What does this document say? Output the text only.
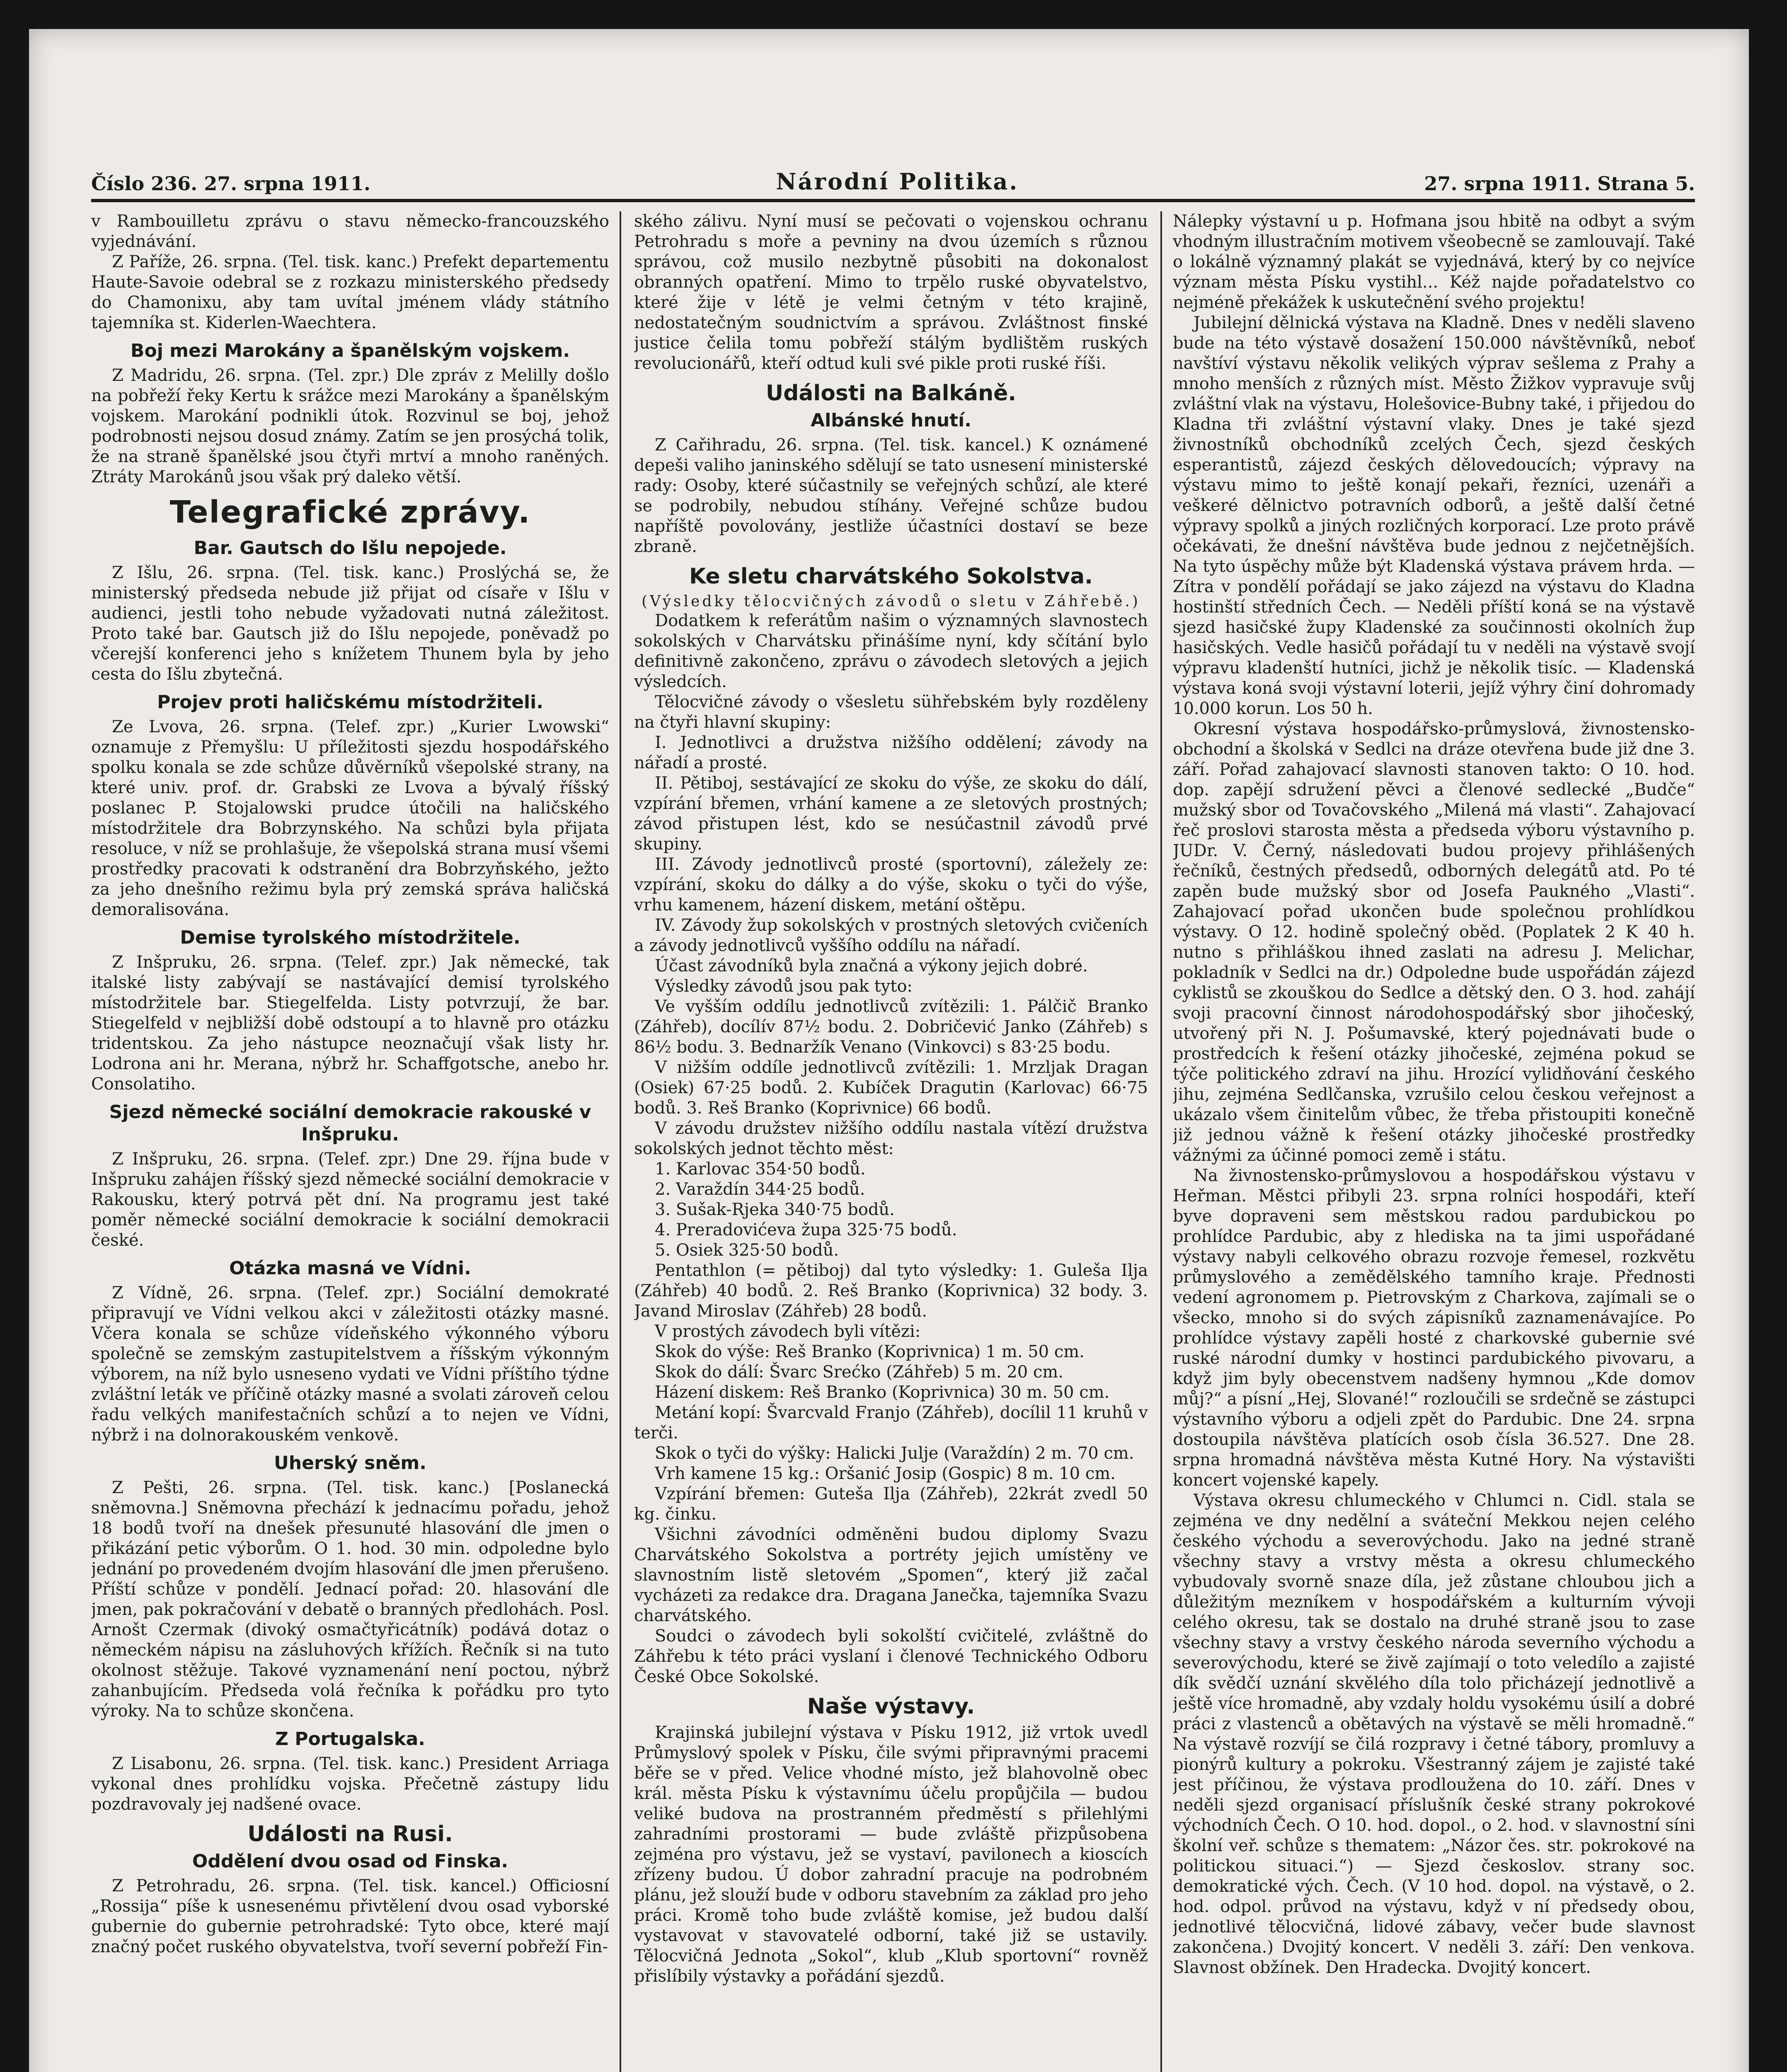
Číslo 236. 27. srpna 1911.	Národní Politika.	27. srpna 1911. Strana 5.

v Rambouilletu zprávu o stavu německo-francouzského vyjednávání.

Z Paříže, 26. srpna. (Tel. tisk. kanc.) Prefekt departementu Haute-Savoie odebral se z rozkazu ministerského předsedy do Chamonixu, aby tam uvítal jménem vlády státního tajemníka st. Kiderlen-Waechtera.

Boj mezi Marokány a španělským vojskem.

Z Madridu, 26. srpna. (Tel. zpr.) Dle zpráv z Melilly došlo na pobřeží řeky Kertu k srážce mezi Marokány a španělským vojskem. Marokání podnikli útok. Rozvinul se boj, jehož podrobnosti nejsou dosud známy. Zatím se jen prosýchá tolik, že na straně španělské jsou čtyři mrtví a mnoho raněných. Ztráty Marokánů jsou však prý daleko větší.

Telegrafické zprávy.
Bar. Gautsch do Išlu nepojede.

Z Išlu, 26. srpna. (Tel. tisk. kanc.) Proslýchá se, že ministerský předseda nebude již přijat od císaře v Išlu v audienci, jestli toho nebude vyžadovati nutná záležitost. Proto také bar. Gautsch již do Išlu nepojede, poněvadž po včerejší konferenci jeho s knížetem Thunem byla by jeho cesta do Išlu zbytečná.

Projev proti haličskému místodržiteli.

Ze Lvova, 26. srpna. (Telef. zpr.) „Kurier Lwowski“ oznamuje z Přemyšlu: U příležitosti sjezdu hospodářského spolku konala se zde schůze důvěrníků všepolské strany, na které univ. prof. dr. Grabski ze Lvova a bývalý říšský poslanec P. Stojalowski prudce útočili na haličského místodržitele dra Bobrzynského. Na schůzi byla přijata resoluce, v níž se prohlašuje, že všepolská strana musí všemi prostředky pracovati k odstranění dra Bobrzyňského, ježto za jeho dnešního režimu byla prý zemská správa haličská demoralisována.

Demise tyrolského místodržitele.

Z Inšpruku, 26. srpna. (Telef. zpr.) Jak německé, tak italské listy zabývají se nastávající demisí tyrolského místodržitele bar. Stiegelfelda. Listy potvrzují, že bar. Stiegelfeld v nejbližší době odstoupí a to hlavně pro otázku tridentskou. Za jeho nástupce neoznačují však listy hr. Lodrona ani hr. Merana, nýbrž hr. Schaffgotsche, anebo hr. Consolatiho.

Sjezd německé sociální demokracie rakouské v Inšpruku.

Z Inšpruku, 26. srpna. (Telef. zpr.) Dne 29. října bude v Inšpruku zahájen říšský sjezd německé sociální demokracie v Rakousku, který potrvá pět dní. Na programu jest také poměr německé sociální demokracie k sociální demokracii české.

Otázka masná ve Vídni.

Z Vídně, 26. srpna. (Telef. zpr.) Sociální demokraté připravují ve Vídni velkou akci v záležitosti otázky masné. Včera konala se schůze vídeňského výkonného výboru společně se zemským zastupitelstvem a říšským výkonným výborem, na níž bylo usneseno vydati ve Vídni příštího týdne zvláštní leták ve příčině otázky masné a svolati zároveň celou řadu velkých manifestačních schůzí a to nejen ve Vídni, nýbrž i na dolnorakouském venkově.

Uherský sněm.

Z Pešti, 26. srpna. (Tel. tisk. kanc.) [Poslanecká sněmovna.] Sněmovna přechází k jednacímu pořadu, jehož 18 bodů tvoří na dnešek přesunuté hlasování dle jmen o přikázání petic výborům. O 1. hod. 30 min. odpoledne bylo jednání po provedeném dvojím hlasování dle jmen přerušeno. Příští schůze v pondělí. Jednací pořad: 20. hlasování dle jmen, pak pokračování v debatě o branných předlohách. Posl. Arnošt Czermak (divoký osmačtyřicátník) podává dotaz o německém nápisu na zásluhových křížích. Řečník si na tuto okolnost stěžuje. Takové vyznamenání není poctou, nýbrž zahanbujícím. Předseda volá řečníka k pořádku pro tyto výroky. Na to schůze skončena.

Z Portugalska.

Z Lisabonu, 26. srpna. (Tel. tisk. kanc.) President Arriaga vykonal dnes prohlídku vojska. Přečetně zástupy lidu pozdravovaly jej nadšené ovace.

Události na Rusi.
Oddělení dvou osad od Finska.

Z Petrohradu, 26. srpna. (Tel. tisk. kancel.) Officiosní „Rossija“ píše k usnesenému přivtělení dvou osad vyborské gubernie do gubernie petrohradské: Tyto obce, které mají značný počet ruského obyvatelstva, tvoří severní pobřeží Fin-

ského zálivu. Nyní musí se pečovati o vojenskou ochranu Petrohradu s moře a pevniny na dvou územích s různou správou, což musilo nezbytně působiti na dokonalost obranných opatření. Mimo to trpělo ruské obyvatelstvo, které žije v létě je velmi četným v této krajině, nedostatečným soudnictvím a správou. Zvláštnost finské justice čelila tomu pobřeží stálým bydlištěm ruských revolucionářů, kteří odtud kuli své pikle proti ruské říši.

Události na Balkáně.
Albánské hnutí.

Z Cařihradu, 26. srpna. (Tel. tisk. kancel.) K oznámené depeši valiho janinského sdělují se tato usnesení ministerské rady: Osoby, které súčastnily se veřejných schůzí, ale které se podrobily, nebudou stíhány. Veřejné schůze budou napříště povolovány, jestliže účastníci dostaví se beze zbraně.

Ke sletu charvátského Sokolstva.
(Výsledky tělocvičných závodů o sletu v Záhřebě.)

Dodatkem k referátům našim o významných slavnostech sokolských v Charvátsku přinášíme nyní, kdy sčítání bylo definitivně zakončeno, zprávu o závodech sletových a jejich výsledcích.

Tělocvičné závody o všesletu sühřebském byly rozděleny na čtyři hlavní skupiny:

I. Jednotlivci a družstva nižšího oddělení; závody na nářadí a prosté.

II. Pětiboj, sestávající ze skoku do výše, ze skoku do dálí, vzpírání břemen, vrhání kamene a ze sletových prostných; závod přistupen lést, kdo se nesúčastnil závodů prvé skupiny.

III. Závody jednotlivců prosté (sportovní), záležely ze: vzpírání, skoku do dálky a do výše, skoku o tyči do výše, vrhu kamenem, házení diskem, metání oštěpu.

IV. Závody žup sokolských v prostných sletových cvičeních a závody jednotlivců vyššího oddílu na nářadí.

Účast závodníků byla značná a výkony jejich dobré.

Výsledky závodů jsou pak tyto:

Ve vyšším oddílu jednotlivců zvítězili: 1. Pálčič Branko (Záhřeb), docílív 87½ bodu. 2. Dobričević Janko (Záhřeb) s 86½ bodu. 3. Bednaržík Venano (Vinkovci) s 83·25 bodu.

V nižším oddíle jednotlivců zvítězili: 1. Mrzljak Dragan (Osiek) 67·25 bodů. 2. Kubíček Dragutin (Karlovac) 66·75 bodů. 3. Reš Branko (Koprivnice) 66 bodů.

V závodu družstev nižšího oddílu nastala vítězí družstva sokolských jednot těchto měst:

1. Karlovac 354·50 bodů.

2. Varaždín 344·25 bodů.

3. Sušak-Rjeka 340·75 bodů.

4. Preradovićeva župa 325·75 bodů.

5. Osiek 325·50 bodů.

Pentathlon (= pětiboj) dal tyto výsledky: 1. Guleša Ilja (Záhřeb) 40 bodů. 2. Reš Branko (Koprivnica) 32 body. 3. Javand Miroslav (Záhřeb) 28 bodů.

V prostých závodech byli vítězi:

Skok do výše: Reš Branko (Koprivnica) 1 m. 50 cm.

Skok do dálí: Švarc Srećko (Záhřeb) 5 m. 20 cm.

Házení diskem: Reš Branko (Koprivnica) 30 m. 50 cm.

Metání kopí: Švarcvald Franjo (Záhřeb), docílil 11 kruhů v terči.

Skok o tyči do výšky: Halicki Julje (Varaždín) 2 m. 70 cm.

Vrh kamene 15 kg.: Oršanić Josip (Gospic) 8 m. 10 cm.

Vzpírání břemen: Guteša Ilja (Záhřeb), 22krát zvedl 50 kg. činku.

Všichni závodníci odměněni budou diplomy Svazu Charvátského Sokolstva a portréty jejich umístěny ve slavnostním listě sletovém „Spomen“, který již začal vycházeti za redakce dra. Dragana Janečka, tajemníka Svazu charvátského.

Soudci o závodech byli sokolští cvičitelé, zvláštně do Záhřebu k této práci vyslaní i členové Technického Odboru České Obce Sokolské.

Naše výstavy.

Krajinská jubilejní výstava v Písku 1912, již vrtok uvedl Průmyslový spolek v Písku, čile svými připravnými pracemi běře se v před. Velice vhodné místo, jež blahovolně obec král. města Písku k výstavnímu účelu propůjčila — budou veliké budova na prostranném předměstí s přilehlými zahradními prostorami — bude zvláště přizpůsobena zejména pro výstavu, jež se vystaví, pavilonech a kioscích zřízeny budou. Ú dobor zahradní pracuje na podrobném plánu, jež slouží bude v odboru stavebním za základ pro jeho práci. Kromě toho bude zvláště komise, jež budou další vystavovat v stavovatelé odborní, také již se ustavily. Tělocvičná Jednota „Sokol“, klub „Klub sportovní“ rovněž přislíbily výstavky a pořádání sjezdů.

Nálepky výstavní u p. Hofmana jsou hbitě na odbyt a svým vhodným illustračním motivem všeobecně se zamlouvají. Také o lokálně významný plakát se vyjednává, který by co nejvíce význam města Písku vystihl... Kéž najde pořadatelstvo co nejméně překážek k uskutečnění svého projektu!

Jubilejní dělnická výstava na Kladně. Dnes v neděli slaveno bude na této výstavě dosažení 150.000 návštěvníků, neboť navštíví výstavu několik velikých výprav sešlema z Prahy a mnoho menších z různých míst. Město Žižkov vypravuje svůj zvláštní vlak na výstavu, Holešovice-Bubny také, i přijedou do Kladna tři zvláštní výstavní vlaky. Dnes je také sjezd živnostníků obchodníků zcelých Čech, sjezd českých esperantistů, zájezd českých dělovedoucích; výpravy na výstavu mimo to ještě konají pekaři, řezníci, uzenáři a veškeré dělnictvo potravních odborů, a ještě další četné výpravy spolků a jiných rozličných korporací. Lze proto právě očekávati, že dnešní návštěva bude jednou z nejčetnějších. Na tyto úspěchy může být Kladenská výstava právem hrda. — Zítra v pondělí pořádají se jako zájezd na výstavu do Kladna hostinští středních Čech. — Neděli příští koná se na výstavě sjezd hasičské župy Kladenské za součinnosti okolních žup hasičských. Vedle hasičů pořádají tu v neděli na výstavě svojí výpravu kladenští hutníci, jichž je několik tisíc. — Kladenská výstava koná svoji výstavní loterii, jejíž výhry činí dohromady 10.000 korun. Los 50 h.

Okresní výstava hospodářsko-průmyslová, živnostensko-obchodní a školská v Sedlci na dráze otevřena bude již dne 3. září. Pořad zahajovací slavnosti stanoven takto: O 10. hod. dop. zapějí sdružení pěvci a členové sedlecké „Budče“ mužský sbor od Tovačovského „Milená má vlasti“. Zahajovací řeč proslovi starosta města a předseda výboru výstavního p. JUDr. V. Černý, následovati budou projevy přihlášených řečníků, čestných předsedů, odborných delegátů atd. Po té zapěn bude mužský sbor od Josefa Paukného „Vlasti“. Zahajovací pořad ukončen bude společnou prohlídkou výstavy. O 12. hodině společný oběd. (Poplatek 2 K 40 h. nutno s přihláškou ihned zaslati na adresu J. Melichar, pokladník v Sedlci na dr.) Odpoledne bude uspořádán zájezd cyklistů se zkouškou do Sedlce a dětský den. O 3. hod. zahájí svoji pracovní činnost národohospodářský sbor jihočeský, utvořený při N. J. Pošumavské, který pojednávati bude o prostředcích k řešení otázky jihočeské, zejména pokud se týče politického zdraví na jihu. Hrozící vylidňování českého jihu, zejména Sedlčanska, vzrušilo celou českou veřejnost a ukázalo všem činitelům vůbec, že třeba přistoupiti konečně již jednou vážně k řešení otázky jihočeské prostředky vážnými za účinné pomoci země i státu.

Na živnostensko-průmyslovou a hospodářskou výstavu v Heřman. Městci přibyli 23. srpna rolníci hospodáři, kteří byve dopraveni sem městskou radou pardubickou po prohlídce Pardubic, aby z hlediska na ta jimi uspořádané výstavy nabyli celkového obrazu rozvoje řemesel, rozkvětu průmyslového a zemědělského tamního kraje. Přednosti vedení agronomem p. Pietrovským z Charkova, zajímali se o všecko, mnoho si do svých zápisníků zaznamenávajíce. Po prohlídce výstavy zapěli hosté z charkovské gubernie své ruské národní dumky v hostinci pardubického pivovaru, a když jim byly obecenstvem nadšeny hymnou „Kde domov můj?“ a písní „Hej, Slované!“ rozloučili se srdečně se zástupci výstavního výboru a odjeli zpět do Pardubic. Dne 24. srpna dostoupila návštěva platících osob čísla 36.527. Dne 28. srpna hromadná návštěva města Kutné Hory. Na výstavišti koncert vojenské kapely.

Výstava okresu chlumeckého v Chlumci n. Cidl. stala se zejména ve dny nedělní a sváteční Mekkou nejen celého českého východu a severovýchodu. Jako na jedné straně všechny stavy a vrstvy města a okresu chlumeckého vybudovaly svorně snaze díla, jež zůstane chloubou jich a důležitým mezníkem v hospodářském a kulturním vývoji celého okresu, tak se dostalo na druhé straně jsou to zase všechny stavy a vrstvy českého národa severního východu a severovýchodu, které se živě zajímají o toto veledílo a zajisté dík svědčí uznání skvělého díla tolo přicházejí jednotlivě a ještě více hromadně, aby vzdaly holdu vysokému úsilí a dobré práci z vlastenců a obětavých na výstavě se měli hromadně.“ Na výstavě rozvíjí se čilá rozpravy i četné tábory, promluvy a pionýrů kultury a pokroku. Všestranný zájem je zajisté také jest příčinou, že výstava prodloužena do 10. září. Dnes v neděli sjezd organisací příslušník české strany pokrokové východních Čech. O 10. hod. dopol., o 2. hod. v slavnostní síni školní veř. schůze s thematem: „Názor čes. str. pokrokové na politickou situaci.“) — Sjezd českoslov. strany soc. demokratické vých. Čech. (V 10 hod. dopol. na výstavě, o 2. hod. odpol. průvod na výstavu, když v ní předsedy obou, jednotlivé tělocvičná, lidové zábavy, večer bude slavnost zakončena.) Dvojitý koncert. V neděli 3. září: Den venkova. Slavnost obžínek. Den Hradecka. Dvojitý koncert.
